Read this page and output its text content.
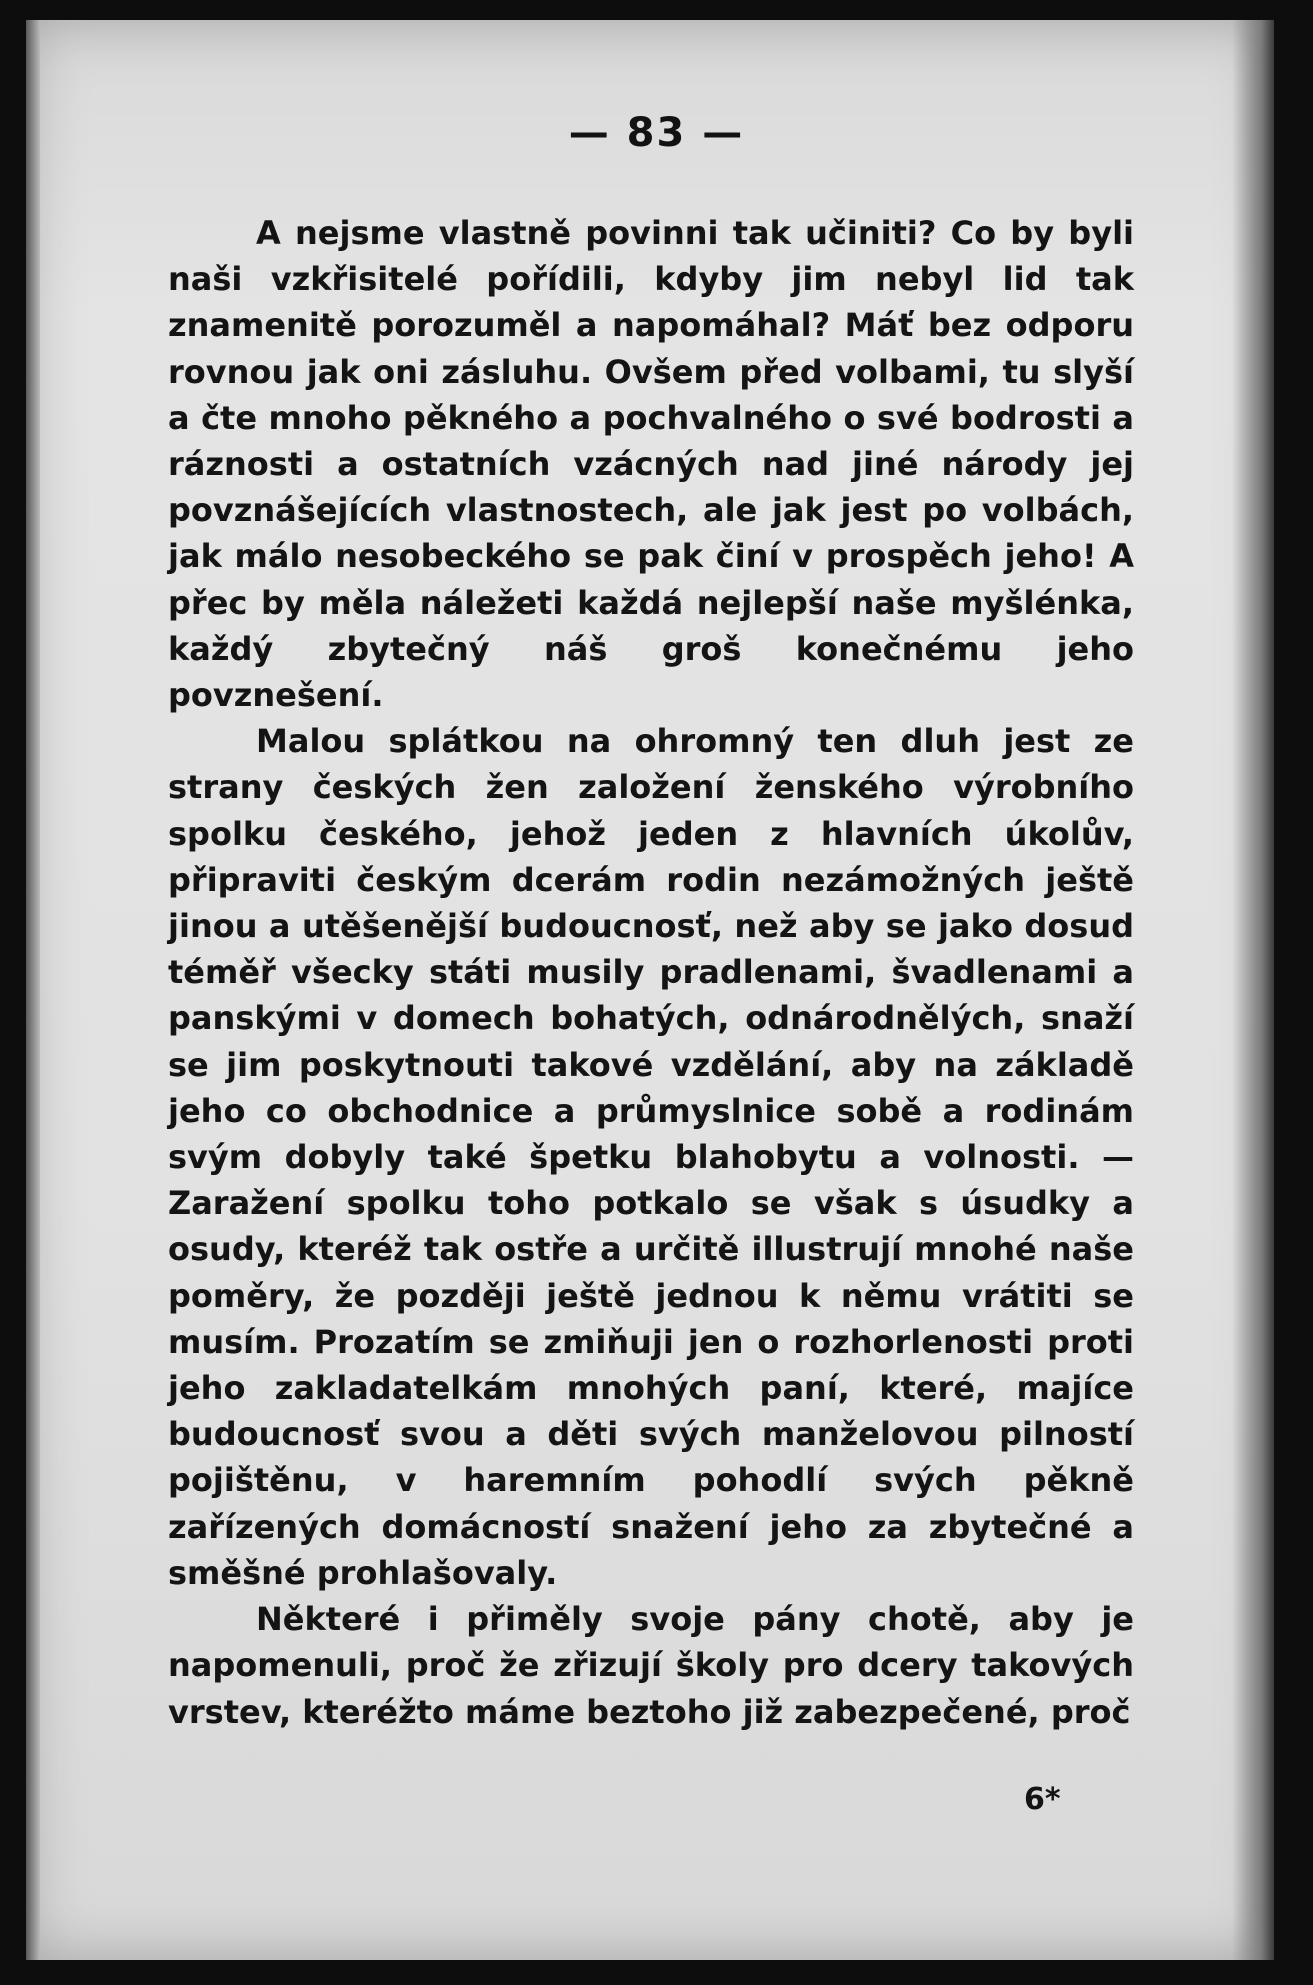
— 83 —

A nejsme vlastně povinni tak učiniti? Co by byli naši vzkřisitelé pořídili, kdyby jim nebyl lid tak znamenitě porozuměl a napomáhal? Máť bez odporu rovnou jak oni zásluhu. Ovšem před volbami, tu slyší a čte mnoho pěkného a pochvalného o své bodrosti a ráznosti a ostatních vzácných nad jiné národy jej povznášejících vlastnostech, ale jak jest po volbách, jak málo nesobeckého se pak činí v prospěch jeho! A přec by měla náležeti každá nejlepší naše myšlénka, každý zbytečný náš groš konečnému jeho povznešení.

Malou splátkou na ohromný ten dluh jest ze strany českých žen založení ženského výrobního spolku českého, jehož jeden z hlavních úkolův, připraviti českým dcerám rodin nezámožných ještě jinou a utěšenější budoucnosť, než aby se jako dosud téměř všecky státi musily pradlenami, švadlenami a panskými v domech bohatých, odnárodnělých, snaží se jim poskytnouti takové vzdělání, aby na základě jeho co obchodnice a průmyslnice sobě a rodinám svým dobyly také špetku blahobytu a volnosti. — Zaražení spolku toho potkalo se však s úsudky a osudy, kteréž tak ostře a určitě illustrují mnohé naše poměry, že později ještě jednou k němu vrátiti se musím. Prozatím se zmiňuji jen o rozhorlenosti proti jeho zakladatelkám mnohých paní, které, majíce budoucnosť svou a děti svých manželovou pilností pojištěnu, v haremním pohodlí svých pěkně zařízených domácností snažení jeho za zbytečné a směšné prohlašovaly.

Některé i přiměly svoje pány chotě, aby je napomenuli, proč že zřizují školy pro dcery takových vrstev, kteréžto máme beztoho již zabezpečené, proč

6*
